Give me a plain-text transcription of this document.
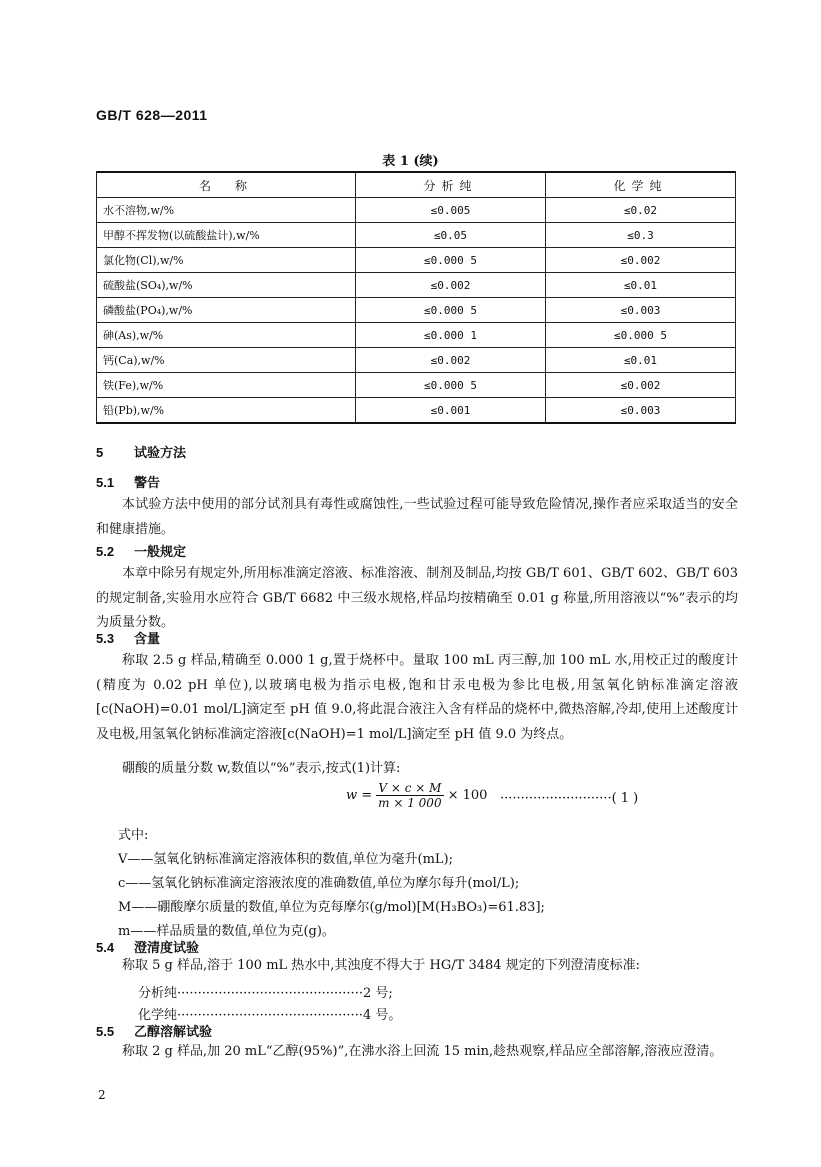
GB/T 628—2011
表 1 (续)
名　称	分析纯	化学纯
水不溶物,w/%	≤0.005	≤0.02
甲醇不挥发物(以硫酸盐计),w/%	≤0.05	≤0.3
氯化物(Cl),w/%	≤0.000 5	≤0.002
硫酸盐(SO₄),w/%	≤0.002	≤0.01
磷酸盐(PO₄),w/%	≤0.000 5	≤0.003
砷(As),w/%	≤0.000 1	≤0.000 5
钙(Ca),w/%	≤0.002	≤0.01
铁(Fe),w/%	≤0.000 5	≤0.002
铅(Pb),w/%	≤0.001	≤0.003
5 试验方法
5.1 警告
本试验方法中使用的部分试剂具有毒性或腐蚀性,一些试验过程可能导致危险情况,操作者应采取适当的安全和健康措施。
5.2 一般规定
本章中除另有规定外,所用标准滴定溶液、标准溶液、制剂及制品,均按 GB/T 601、GB/T 602、GB/T 603 的规定制备,实验用水应符合 GB/T 6682 中三级水规格,样品均按精确至 0.01 g 称量,所用溶液以“%”表示的均为质量分数。
5.3 含量
称取 2.5 g 样品,精确至 0.000 1 g,置于烧杯中。量取 100 mL 丙三醇,加 100 mL 水,用校正过的酸度计(精度为 0.02 pH 单位),以玻璃电极为指示电极,饱和甘汞电极为参比电极,用氢氧化钠标准滴定溶液[c(NaOH)=0.01 mol/L]滴定至 pH 值 9.0,将此混合液注入含有样品的烧杯中,微热溶解,冷却,使用上述酸度计及电极,用氢氧化钠标准滴定溶液[c(NaOH)=1 mol/L]滴定至 pH 值 9.0 为终点。
硼酸的质量分数 w,数值以“%”表示,按式(1)计算:
$w = \frac{V \times c \times M}{m \times 1 000} \times 100$ ···························( 1 )
式中:
V——氢氧化钠标准滴定溶液体积的数值,单位为毫升(mL);
c——氢氧化钠标准滴定溶液浓度的准确数值,单位为摩尔每升(mol/L);
M——硼酸摩尔质量的数值,单位为克每摩尔(g/mol)[M(H₃BO₃)=61.83];
m——样品质量的数值,单位为克(g)。
5.4 澄清度试验
称取 5 g 样品,溶于 100 mL 热水中,其浊度不得大于 HG/T 3484 规定的下列澄清度标准:
分析纯·············································2 号;
化学纯·············································4 号。
5.5 乙醇溶解试验
称取 2 g 样品,加 20 mL“乙醇(95%)”,在沸水浴上回流 15 min,趁热观察,样品应全部溶解,溶液应澄清。
2
